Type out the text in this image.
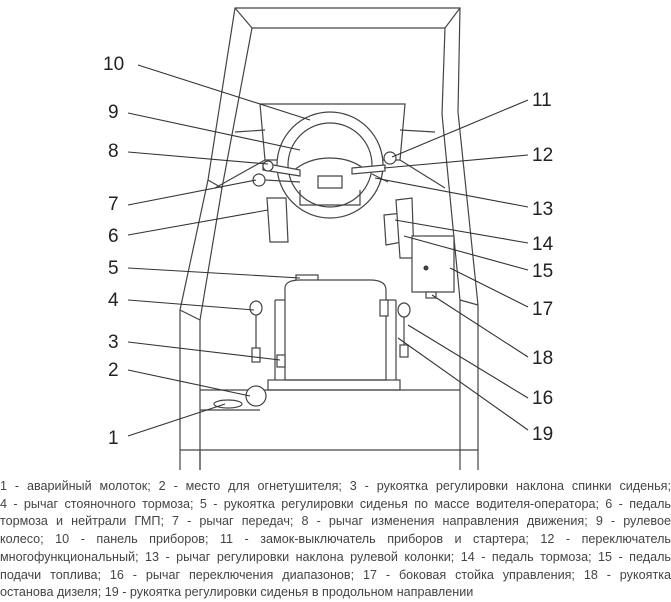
10
9
8
7
6
5
4
3
2
1
11
12
13
14
15
17
18
16
19
1 - аварийный молоток; 2 - место для огнетушителя; 3 - рукоятка регулировки наклона спинки сиденья;
4 - рычаг стояночного тормоза; 5 - рукоятка регулировки сиденья по массе водителя-оператора; 6 - педаль
тормоза и нейтрали ГМП; 7 - рычаг передач; 8 - рычаг изменения направления движения; 9 - рулевое
колесо; 10 - панель приборов; 11 - замок-выключатель приборов и стартера; 12 - переключатель
многофункциональный; 13 - рычаг регулировки наклона рулевой колонки; 14 - педаль тормоза; 15 - педаль
подачи топлива; 16 - рычаг переключения диапазонов; 17 - боковая стойка управления; 18 - рукоятка
останова дизеля; 19 - рукоятка регулировки сиденья в продольном направлении
